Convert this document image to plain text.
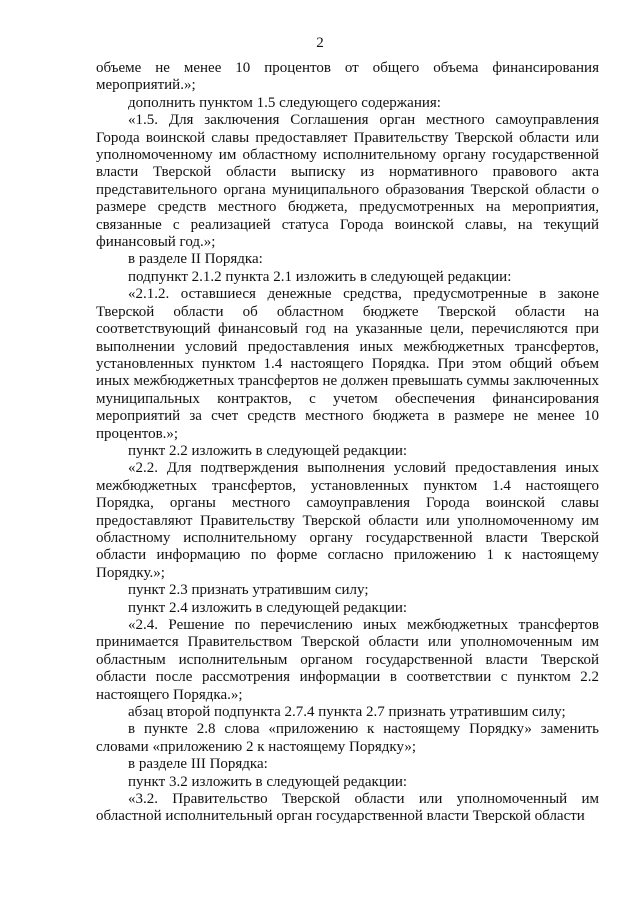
2

объеме не менее 10 процентов от общего объема финансирования мероприятий.»;

дополнить пунктом 1.5 следующего содержания:

«1.5. Для заключения Соглашения орган местного самоуправления Города воинской славы предоставляет Правительству Тверской области или уполномоченному им областному исполнительному органу государственной власти Тверской области выписку из нормативного правового акта представительного органа муниципального образования Тверской области о размере средств местного бюджета, предусмотренных на мероприятия, связанные с реализацией статуса Города воинской славы, на текущий финансовый год.»;

в разделе II Порядка:

подпункт 2.1.2 пункта 2.1 изложить в следующей редакции:

«2.1.2. оставшиеся денежные средства, предусмотренные в законе Тверской области об областном бюджете Тверской области на соответствующий финансовый год на указанные цели, перечисляются при выполнении условий предоставления иных межбюджетных трансфертов, установленных пунктом 1.4 настоящего Порядка. При этом общий объем иных межбюджетных трансфертов не должен превышать суммы заключенных муниципальных контрактов, с учетом обеспечения финансирования мероприятий за счет средств местного бюджета в размере не менее 10 процентов.»;

пункт 2.2 изложить в следующей редакции:

«2.2. Для подтверждения выполнения условий предоставления иных межбюджетных трансфертов, установленных пунктом 1.4 настоящего Порядка, органы местного самоуправления Города воинской славы предоставляют Правительству Тверской области или уполномоченному им областному исполнительному органу государственной власти Тверской области информацию по форме согласно приложению 1 к настоящему Порядку.»;

пункт 2.3 признать утратившим силу;

пункт 2.4 изложить в следующей редакции:

«2.4. Решение по перечислению иных межбюджетных трансфертов принимается Правительством Тверской области или уполномоченным им областным исполнительным органом государственной власти Тверской области после рассмотрения информации в соответствии с пунктом 2.2 настоящего Порядка.»;

абзац второй подпункта 2.7.4 пункта 2.7 признать утратившим силу;

в пункте 2.8 слова «приложению к настоящему Порядку» заменить словами «приложению 2 к настоящему Порядку»;

в разделе III Порядка:

пункт 3.2 изложить в следующей редакции:

«3.2. Правительство Тверской области или уполномоченный им областной исполнительный орган государственной власти Тверской области
